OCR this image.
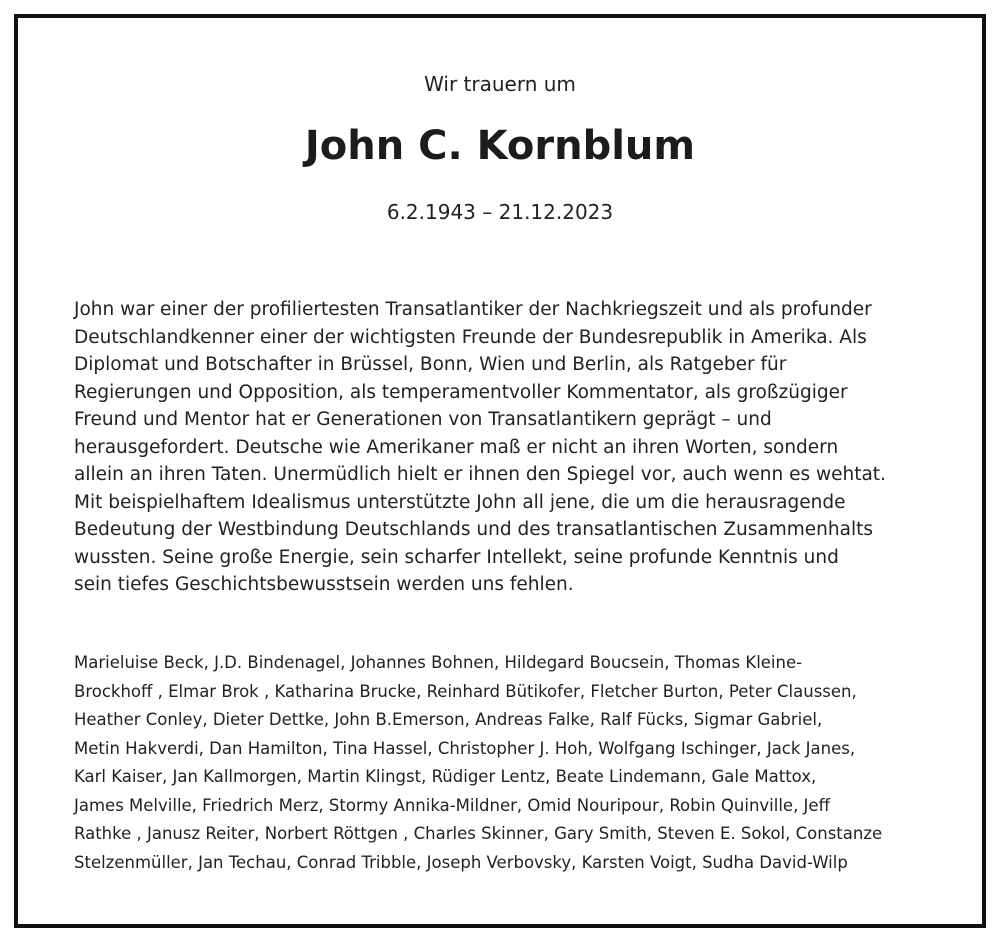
Wir trauern um
John C. Kornblum
6.2.1943 – 21.12.2023
John war einer der profiliertesten Transatlantiker der Nachkriegszeit und als profunder
Deutschlandkenner einer der wichtigsten Freunde der Bundesrepublik in Amerika. Als
Diplomat und Botschafter in Brüssel, Bonn, Wien und Berlin, als Ratgeber für
Regierungen und Opposition, als temperamentvoller Kommentator, als großzügiger
Freund und Mentor hat er Generationen von Transatlantikern geprägt – und
herausgefordert. Deutsche wie Amerikaner maß er nicht an ihren Worten, sondern
allein an ihren Taten. Unermüdlich hielt er ihnen den Spiegel vor, auch wenn es wehtat.
Mit beispielhaftem Idealismus unterstützte John all jene, die um die herausragende
Bedeutung der Westbindung Deutschlands und des transatlantischen Zusammenhalts
wussten. Seine große Energie, sein scharfer Intellekt, seine profunde Kenntnis und
sein tiefes Geschichtsbewusstsein werden uns fehlen.
Marieluise Beck, J.D. Bindenagel, Johannes Bohnen, Hildegard Boucsein, Thomas Kleine-
Brockhoff , Elmar Brok , Katharina Brucke, Reinhard Bütikofer, Fletcher Burton, Peter Claussen,
Heather Conley, Dieter Dettke, John B.Emerson, Andreas Falke, Ralf Fücks, Sigmar Gabriel,
Metin Hakverdi, Dan Hamilton, Tina Hassel, Christopher J. Hoh, Wolfgang Ischinger, Jack Janes,
Karl Kaiser, Jan Kallmorgen, Martin Klingst, Rüdiger Lentz, Beate Lindemann, Gale Mattox,
James Melville, Friedrich Merz, Stormy Annika-Mildner, Omid Nouripour, Robin Quinville, Jeff
Rathke , Janusz Reiter, Norbert Röttgen , Charles Skinner, Gary Smith, Steven E. Sokol, Constanze
Stelzenmüller, Jan Techau, Conrad Tribble, Joseph Verbovsky, Karsten Voigt, Sudha David-Wilp
